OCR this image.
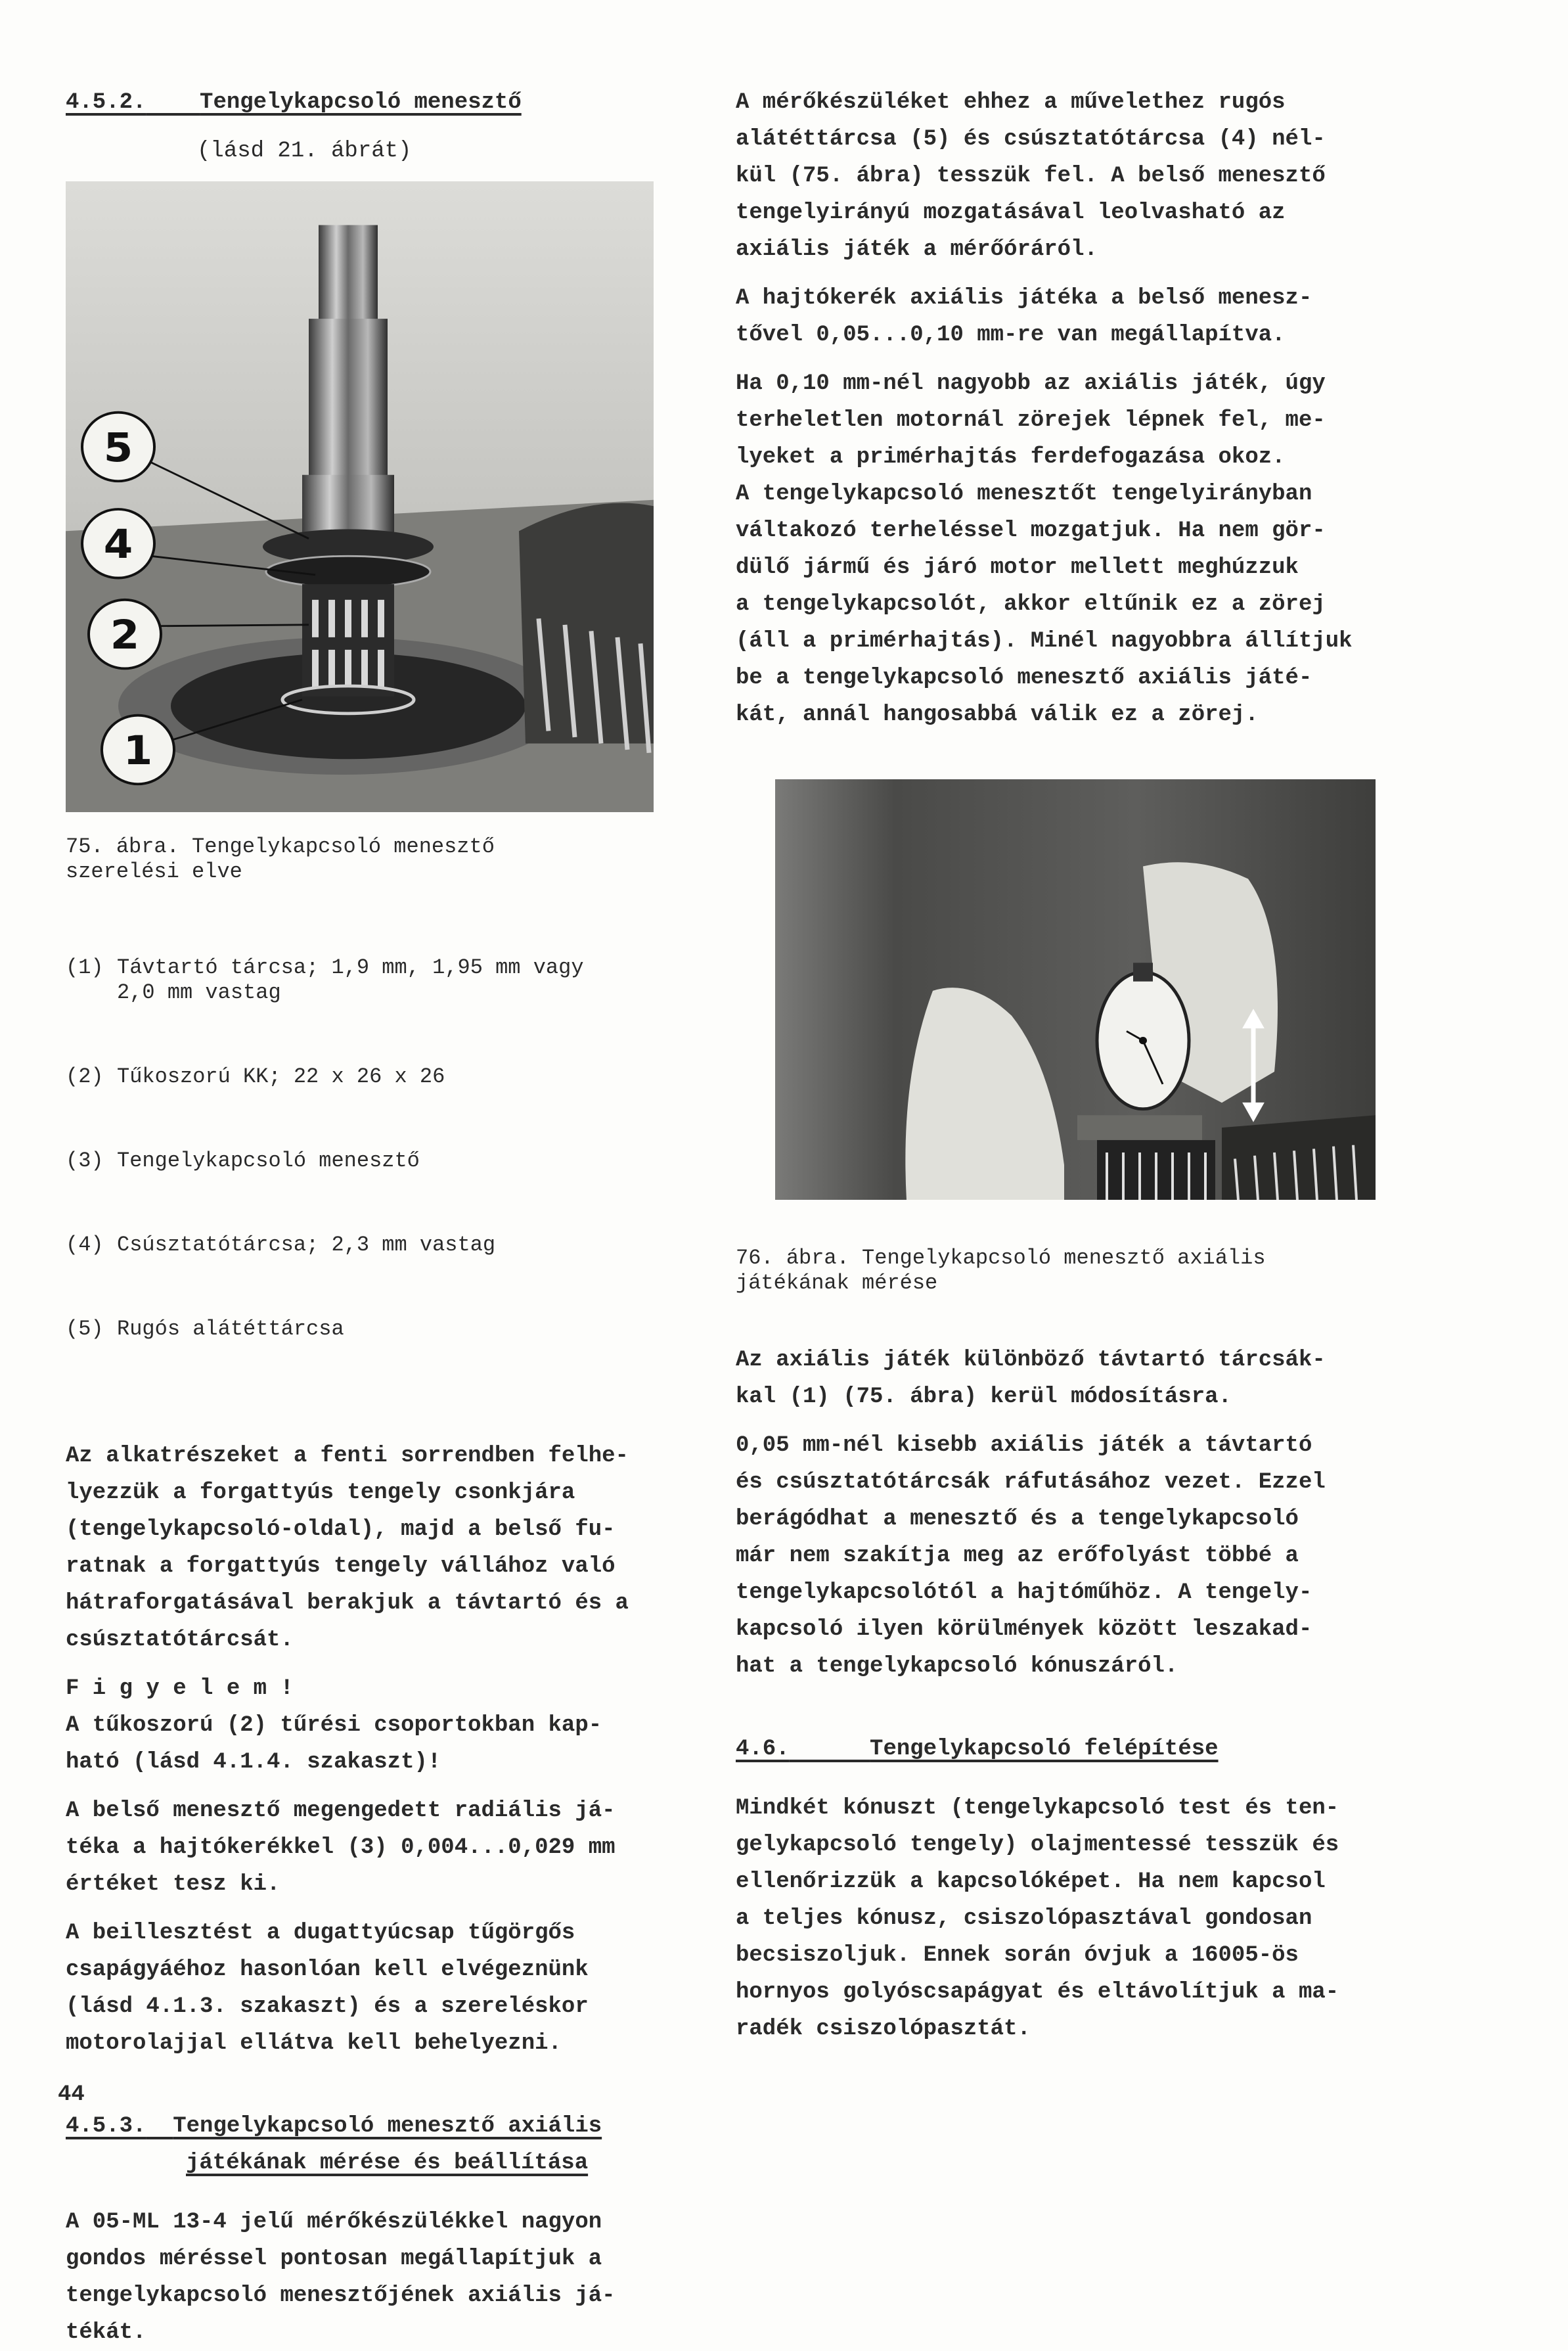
4.5.2. Tengelykapcsoló menesztő
(lásd 21. ábrát)
5
4
2
1
75. ábra. Tengelykapcsoló menesztő
szerelési elve

(1) Távtartó tárcsa; 1,9 mm, 1,95 mm vagy
2,0 mm vastag

(2) Tűkoszorú KK; 22 x 26 x 26

(3) Tengelykapcsoló menesztő

(4) Csúsztatótárcsa; 2,3 mm vastag

(5) Rugós alátéttárcsa

Az alkatrészeket a fenti sorrendben felhe-
lyezzük a forgattyús tengely csonkjára
(tengelykapcsoló-oldal), majd a belső fu-
ratnak a forgattyús tengely vállához való
hátraforgatásával berakjuk a távtartó és a
csúsztatótárcsát.
F i g y e l e m !
A tűkoszorú (2) tűrési csoportokban kap-
ható (lásd 4.1.4. szakaszt)!
A belső menesztő megengedett radiális já-
téka a hajtókerékkel (3) 0,004...0,029 mm
értéket tesz ki.
A beillesztést a dugattyúcsap tűgörgős
csapágyáéhoz hasonlóan kell elvégeznünk
(lásd 4.1.3. szakaszt) és a szereléskor
motorolajjal ellátva kell behelyezni.
4.5.3. Tengelykapcsoló menesztő axiális
játékának mérése és beállítása
A 05-ML 13-4 jelű mérőkészülékkel nagyon
gondos méréssel pontosan megállapítjuk a
tengelykapcsoló menesztőjének axiális já-
tékát.
44
A mérőkészüléket ehhez a művelethez rugós
alátéttárcsa (5) és csúsztatótárcsa (4) nél-
kül (75. ábra) tesszük fel. A belső menesztő
tengelyirányú mozgatásával leolvasható az
axiális játék a mérőóráról.
A hajtókerék axiális játéka a belső menesz-
tővel 0,05...0,10 mm-re van megállapítva.
Ha 0,10 mm-nél nagyobb az axiális játék, úgy
terheletlen motornál zörejek lépnek fel, me-
lyeket a primérhajtás ferdefogazása okoz.
A tengelykapcsoló menesztőt tengelyirányban
váltakozó terheléssel mozgatjuk. Ha nem gör-
dülő jármű és járó motor mellett meghúzzuk
a tengelykapcsolót, akkor eltűnik ez a zörej
(áll a primérhajtás). Minél nagyobbra állítjuk
be a tengelykapcsoló menesztő axiális játé-
kát, annál hangosabbá válik ez a zörej.
76. ábra. Tengelykapcsoló menesztő axiális
játékának mérése
Az axiális játék különböző távtartó tárcsák-
kal (1) (75. ábra) kerül módosításra.
0,05 mm-nél kisebb axiális játék a távtartó
és csúsztatótárcsák ráfutásához vezet. Ezzel
berágódhat a menesztő és a tengelykapcsoló
már nem szakítja meg az erőfolyást többé a
tengelykapcsolótól a hajtóműhöz. A tengely-
kapcsoló ilyen körülmények között leszakad-
hat a tengelykapcsoló kónuszáról.
4.6.	Tengelykapcsoló felépítése
Mindkét kónuszt (tengelykapcsoló test és ten-
gelykapcsoló tengely) olajmentessé tesszük és
ellenőrizzük a kapcsolóképet. Ha nem kapcsol
a teljes kónusz, csiszolópasztával gondosan
becsiszoljuk. Ennek során óvjuk a 16005-ös
hornyos golyóscsapágyat és eltávolítjuk a ma-
radék csiszolópasztát.
